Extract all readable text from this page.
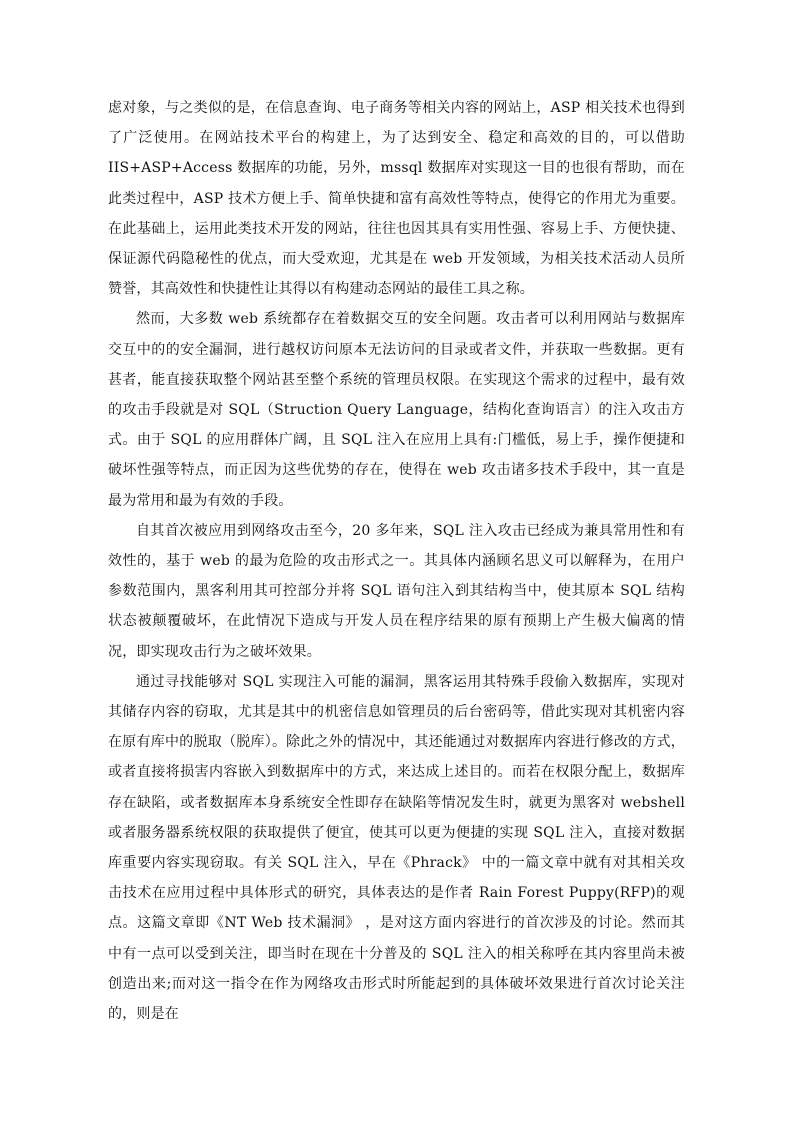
虑对象，与之类似的是，在信息查询、电子商务等相关内容的网站上，ASP 相关技术也得到了广泛使用。在网站技术平台的构建上，为了达到安全、稳定和高效的目的，可以借助 IIS+ASP+Access 数据库的功能，另外，mssql 数据库对实现这一目的也很有帮助，而在此类过程中，ASP 技术方便上手、简单快捷和富有高效性等特点，使得它的作用尤为重要。在此基础上，运用此类技术开发的网站，往往也因其具有实用性强、容易上手、方便快捷、保证源代码隐秘性的优点，而大受欢迎，尤其是在 web 开发领域，为相关技术活动人员所赞誉，其高效性和快捷性让其得以有构建动态网站的最佳工具之称。

然而，大多数 web 系统都存在着数据交互的安全问题。攻击者可以利用网站与数据库交互中的的安全漏洞，进行越权访问原本无法访问的目录或者文件，并获取一些数据。更有甚者，能直接获取整个网站甚至整个系统的管理员权限。在实现这个需求的过程中，最有效的攻击手段就是对 SQL（Struction Query Language，结构化查询语言）的注入攻击方式。由于 SQL 的应用群体广阔，且 SQL 注入在应用上具有:门槛低，易上手，操作便捷和破坏性强等特点，而正因为这些优势的存在，使得在 web 攻击诸多技术手段中，其一直是最为常用和最为有效的手段。

自其首次被应用到网络攻击至今，20 多年来，SQL 注入攻击已经成为兼具常用性和有效性的，基于 web 的最为危险的攻击形式之一。其具体内涵顾名思义可以解释为，在用户参数范围内，黑客利用其可控部分并将 SQL 语句注入到其结构当中，使其原本 SQL 结构状态被颠覆破坏，在此情况下造成与开发人员在程序结果的原有预期上产生极大偏离的情况，即实现攻击行为之破坏效果。

通过寻找能够对 SQL 实现注入可能的漏洞，黑客运用其特殊手段偷入数据库，实现对其储存内容的窃取，尤其是其中的机密信息如管理员的后台密码等，借此实现对其机密内容在原有库中的脱取（脱库）。除此之外的情况中，其还能通过对数据库内容进行修改的方式，或者直接将损害内容嵌入到数据库中的方式，来达成上述目的。而若在权限分配上，数据库存在缺陷，或者数据库本身系统安全性即存在缺陷等情况发生时，就更为黑客对 webshell 或者服务器系统权限的获取提供了便宜，使其可以更为便捷的实现 SQL 注入，直接对数据库重要内容实现窃取。有关 SQL 注入，早在《Phrack》 中的一篇文章中就有对其相关攻击技术在应用过程中具体形式的研究，具体表达的是作者 Rain Forest Puppy(RFP)的观点。这篇文章即《NT Web 技术漏洞》 ，是对这方面内容进行的首次涉及的讨论。然而其中有一点可以受到关注，即当时在现在十分普及的 SQL 注入的相关称呼在其内容里尚未被创造出来;而对这一指令在作为网络攻击形式时所能起到的具体破坏效果进行首次讨论关注的，则是在
